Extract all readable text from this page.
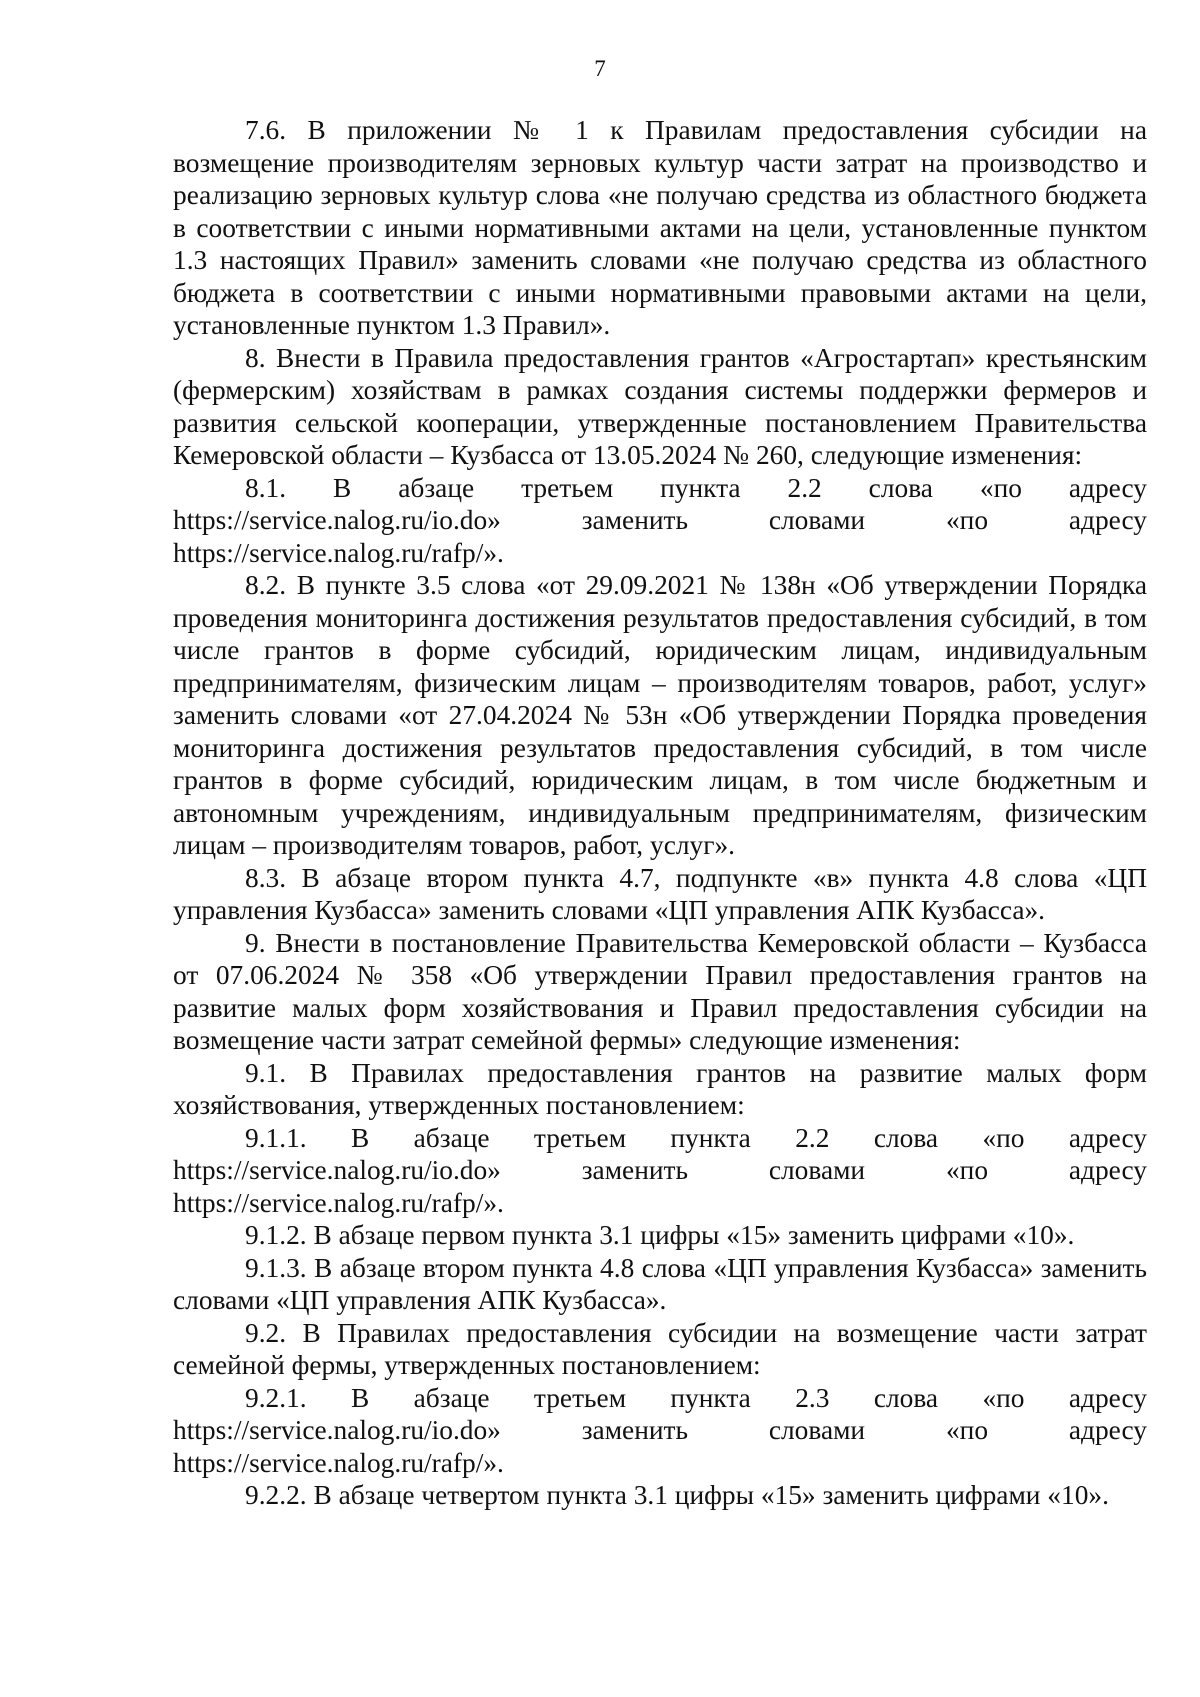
7

7.6. В приложении № 1 к Правилам предоставления субсидии на возмещение производителям зерновых культур части затрат на производство и реализацию зерновых культур слова «не получаю средства из областного бюджета в соответствии с иными нормативными актами на цели, установленные пунктом 1.3 настоящих Правил» заменить словами «не получаю средства из областного бюджета в соответствии с иными нормативными правовыми актами на цели, установленные пунктом 1.3 Правил».

8. Внести в Правила предоставления грантов «Агростартап» крестьянским (фермерским) хозяйствам в рамках создания системы поддержки фермеров и развития сельской кооперации, утвержденные постановлением Правительства Кемеровской области – Кузбасса от 13.05.2024 № 260, следующие изменения:

8.1. В абзаце третьем пункта 2.2 слова «по адресу https://service.nalog.ru/io.do» заменить словами «по адресу https://service.nalog.ru/rafp/».

8.2. В пункте 3.5 слова «от 29.09.2021 № 138н «Об утверждении Порядка проведения мониторинга достижения результатов предоставления субсидий, в том числе грантов в форме субсидий, юридическим лицам, индивидуальным предпринимателям, физическим лицам – производителям товаров, работ, услуг» заменить словами «от 27.04.2024 № 53н «Об утверждении Порядка проведения мониторинга достижения результатов предоставления субсидий, в том числе грантов в форме субсидий, юридическим лицам, в том числе бюджетным и автономным учреждениям, индивидуальным предпринимателям, физическим лицам – производителям товаров, работ, услуг».

8.3. В абзаце втором пункта 4.7, подпункте «в» пункта 4.8 слова «ЦП управления Кузбасса» заменить словами «ЦП управления АПК Кузбасса».

9. Внести в постановление Правительства Кемеровской области – Кузбасса от 07.06.2024 № 358 «Об утверждении Правил предоставления грантов на развитие малых форм хозяйствования и Правил предоставления субсидии на возмещение части затрат семейной фермы» следующие изменения:

9.1. В Правилах предоставления грантов на развитие малых форм хозяйствования, утвержденных постановлением:

9.1.1. В абзаце третьем пункта 2.2 слова «по адресу https://service.nalog.ru/io.do» заменить словами «по адресу https://service.nalog.ru/rafp/».

9.1.2. В абзаце первом пункта 3.1 цифры «15» заменить цифрами «10».

9.1.3. В абзаце втором пункта 4.8 слова «ЦП управления Кузбасса» заменить словами «ЦП управления АПК Кузбасса».

9.2. В Правилах предоставления субсидии на возмещение части затрат семейной фермы, утвержденных постановлением:

9.2.1. В абзаце третьем пункта 2.3 слова «по адресу https://service.nalog.ru/io.do» заменить словами «по адресу https://service.nalog.ru/rafp/».

9.2.2. В абзаце четвертом пункта 3.1 цифры «15» заменить цифрами «10».
